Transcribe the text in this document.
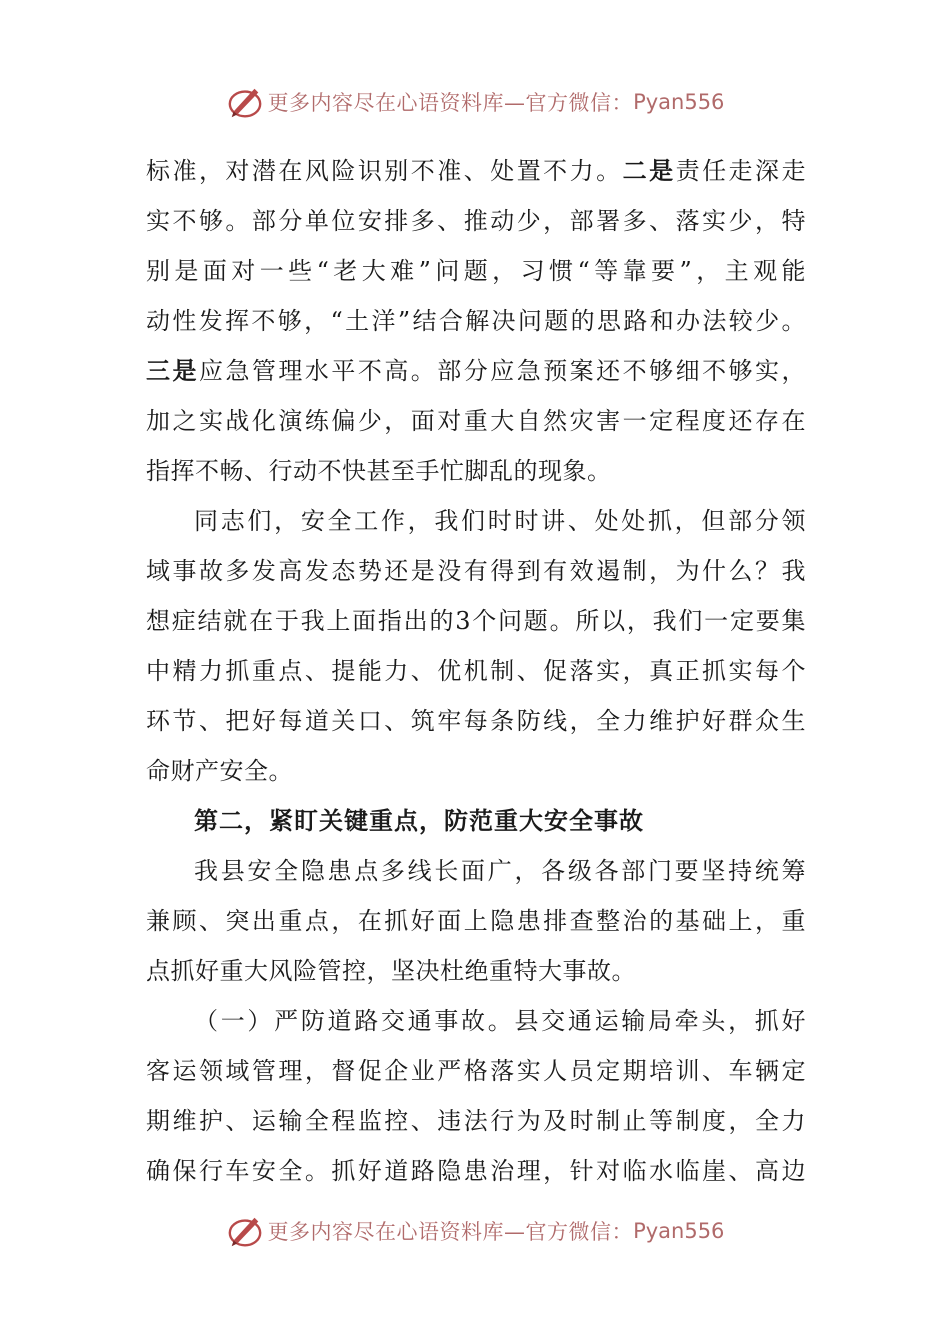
更多内容尽在心语资料库—官方微信： Pyan556
标准，对潜在风险识别不准、处置不力。二是责任走深走
实不够。部分单位安排多、推动少，部署多、落实少，特
别是面对一些“老大难”问题，习惯“等靠要”，主观能
动性发挥不够，“土洋”结合解决问题的思路和办法较少。
三是应急管理水平不高。部分应急预案还不够细不够实，
加之实战化演练偏少，面对重大自然灾害一定程度还存在
指挥不畅、行动不快甚至手忙脚乱的现象。
同志们，安全工作，我们时时讲、处处抓，但部分领
域事故多发高发态势还是没有得到有效遏制，为什么？我
想症结就在于我上面指出的3个问题。所以，我们一定要集
中精力抓重点、提能力、优机制、促落实，真正抓实每个
环节、把好每道关口、筑牢每条防线，全力维护好群众生
命财产安全。
第二，紧盯关键重点，防范重大安全事故
我县安全隐患点多线长面广，各级各部门要坚持统筹
兼顾、突出重点，在抓好面上隐患排查整治的基础上，重
点抓好重大风险管控，坚决杜绝重特大事故。
（一）严防道路交通事故。县交通运输局牵头，抓好
客运领域管理，督促企业严格落实人员定期培训、车辆定
期维护、运输全程监控、违法行为及时制止等制度，全力
确保行车安全。抓好道路隐患治理，针对临水临崖、高边
更多内容尽在心语资料库—官方微信： Pyan556
